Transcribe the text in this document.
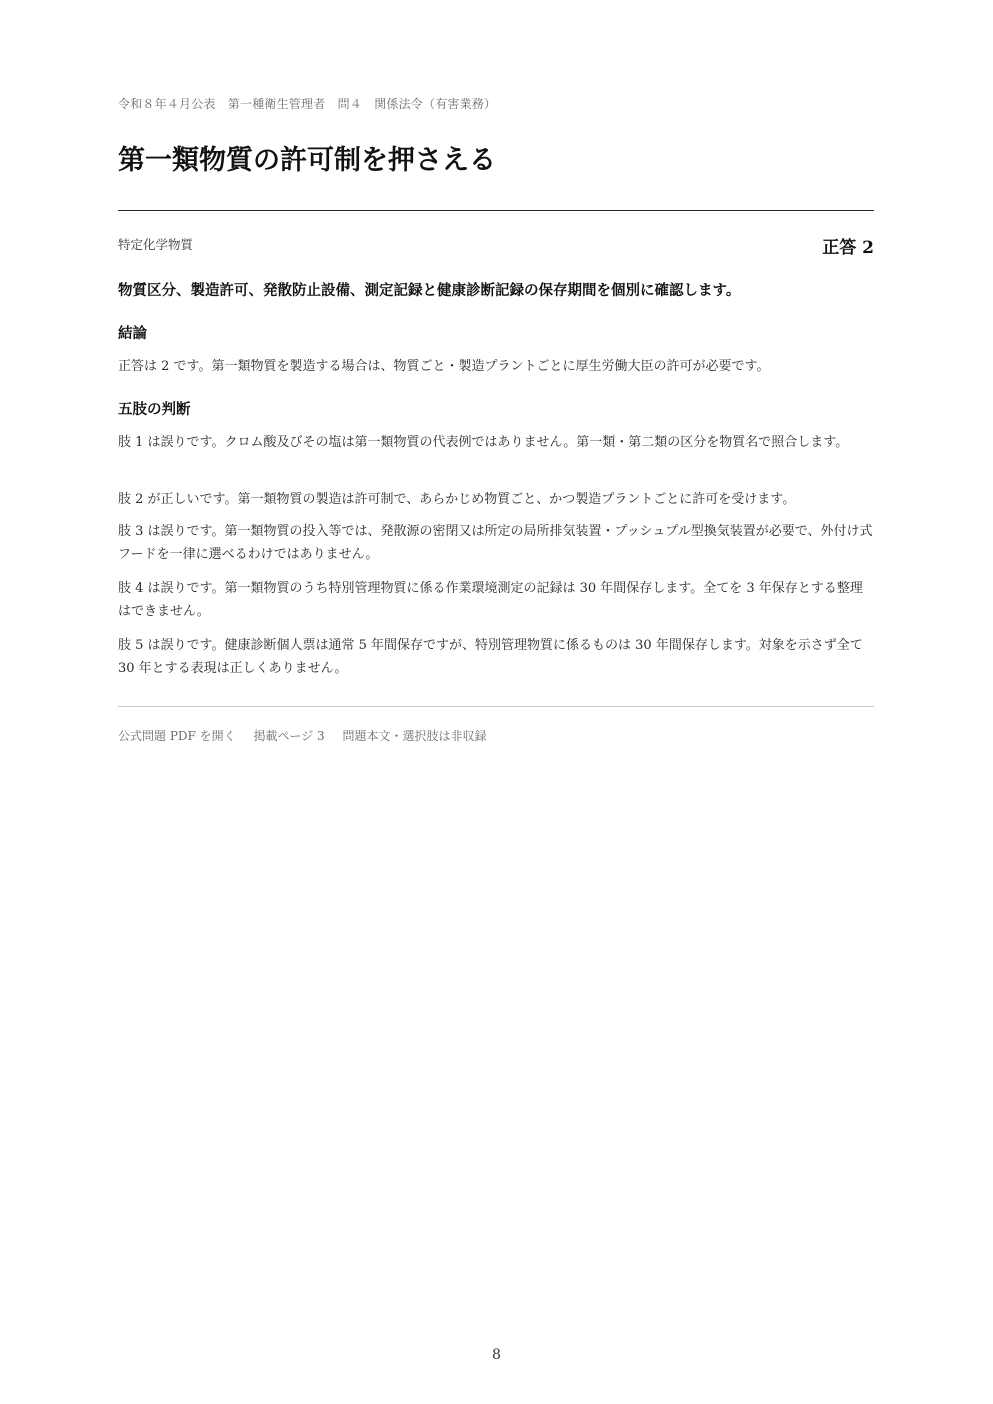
令和８年４月公表　第一種衛生管理者　問４　関係法令（有害業務）
第一類物質の許可制を押さえる
特定化学物質	正答 2
物質区分、製造許可、発散防止設備、測定記録と健康診断記録の保存期間を個別に確認します。
結論

正答は 2 です。第一類物質を製造する場合は、物質ごと・製造プラントごとに厚生労働大臣の許可が必要です。

五肢の判断

肢 1 は誤りです。クロム酸及びその塩は第一類物質の代表例ではありません。第一類・第二類の区分を物質名で照合します。

肢 2 が正しいです。第一類物質の製造は許可制で、あらかじめ物質ごと、かつ製造プラントごとに許可を受けます。

肢 3 は誤りです。第一類物質の投入等では、発散源の密閉又は所定の局所排気装置・プッシュプル型換気装置が必要で、外付け式フードを一律に選べるわけではありません。

肢 4 は誤りです。第一類物質のうち特別管理物質に係る作業環境測定の記録は 30 年間保存します。全てを 3 年保存とする整理はできません。

肢 5 は誤りです。健康診断個人票は通常 5 年間保存ですが、特別管理物質に係るものは 30 年間保存します。対象を示さず全て 30 年とする表現は正しくありません。

公式問題 PDF を開く 掲載ページ 3 問題本文・選択肢は非収録
8
